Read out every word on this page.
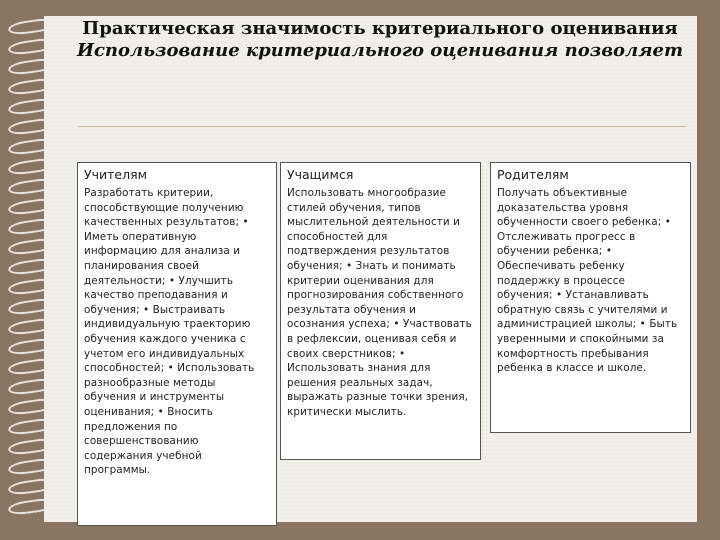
Практическая значимость критериального оценивания
Использование критериального оценивания позволяет
Учителям

Разработать критерии, способствующие получению качественных результатов; • Иметь оперативную информацию для анализа и планирования своей деятельности; • Улучшить качество преподавания и обучения; • Выстраивать индивидуальную траекторию обучения каждого ученика с учетом его индивидуальных способностей; • Использовать разнообразные методы обучения и инструменты оценивания; • Вносить предложения по совершенствованию содержания учебной программы.

Учащимся

Использовать многообразие стилей обучения, типов мыслительной деятельности и способностей для подтверждения результатов обучения; • Знать и понимать критерии оценивания для прогнозирования собственного результата обучения и осознания успеха; • Участвовать в рефлексии, оценивая себя и своих сверстников; • Использовать знания для решения реальных задач, выражать разные точки зрения, критически мыслить.

Родителям

Получать объективные доказательства уровня обученности своего ребенка; • Отслеживать прогресс в обучении ребенка; • Обеспечивать ребенку поддержку в процессе обучения; • Устанавливать обратную связь с учителями и администрацией школы; • Быть уверенными и спокойными за комфортность пребывания ребенка в классе и школе.
